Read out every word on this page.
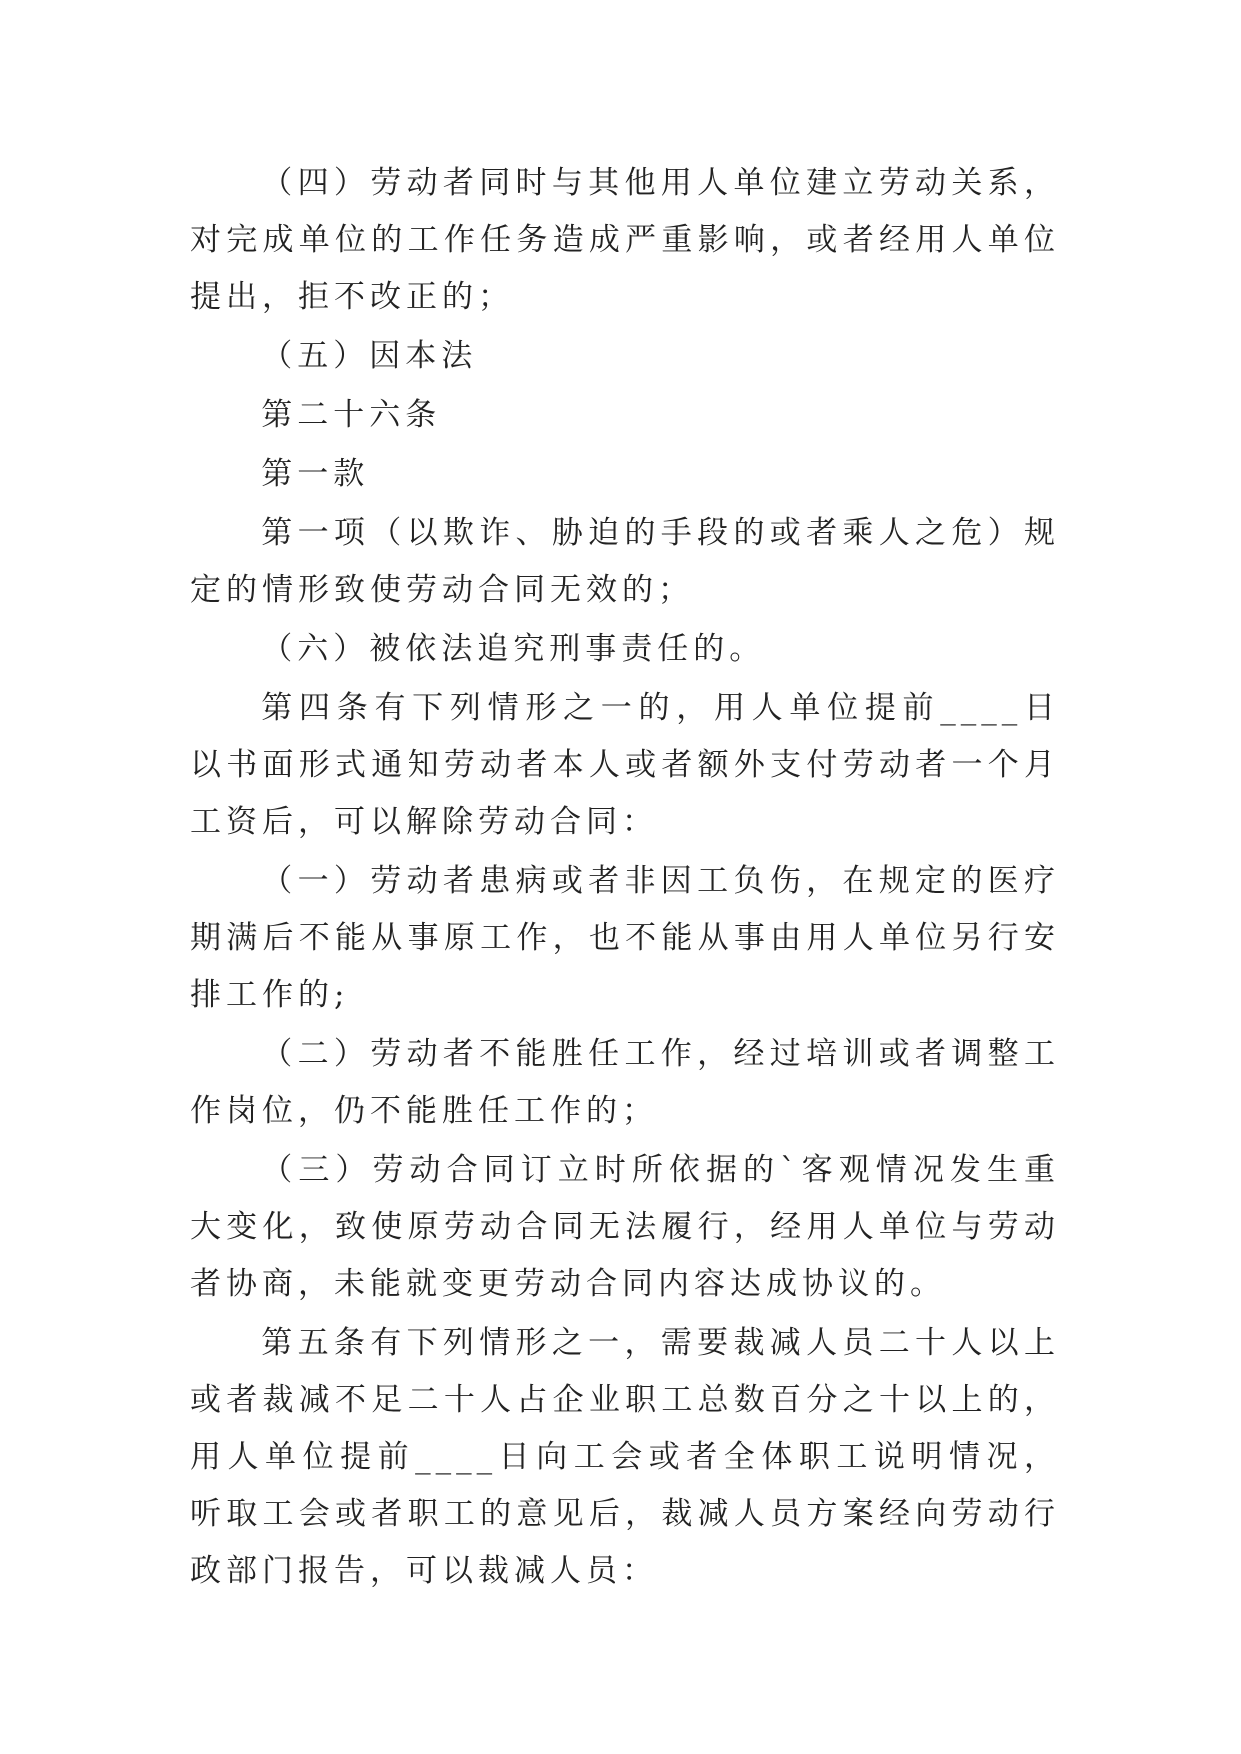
（四）劳动者同时与其他用人单位建立劳动关系，对完成单位的工作任务造成严重影响，或者经用人单位提出，拒不改正的；

（五）因本法

第二十六条

第一款

第一项（以欺诈、胁迫的手段的或者乘人之危）规定的情形致使劳动合同无效的；

（六）被依法追究刑事责任的。

第四条有下列情形之一的，用人单位提前____日以书面形式通知劳动者本人或者额外支付劳动者一个月工资后，可以解除劳动合同：

（一）劳动者患病或者非因工负伤，在规定的医疗期满后不能从事原工作，也不能从事由用人单位另行安排工作的;

（二）劳动者不能胜任工作，经过培训或者调整工作岗位，仍不能胜任工作的；

（三）劳动合同订立时所依据的`客观情况发生重大变化，致使原劳动合同无法履行，经用人单位与劳动者协商，未能就变更劳动合同内容达成协议的。

第五条有下列情形之一，需要裁减人员二十人以上或者裁减不足二十人占企业职工总数百分之十以上的，用人单位提前____日向工会或者全体职工说明情况，听取工会或者职工的意见后，裁减人员方案经向劳动行政部门报告，可以裁减人员：
